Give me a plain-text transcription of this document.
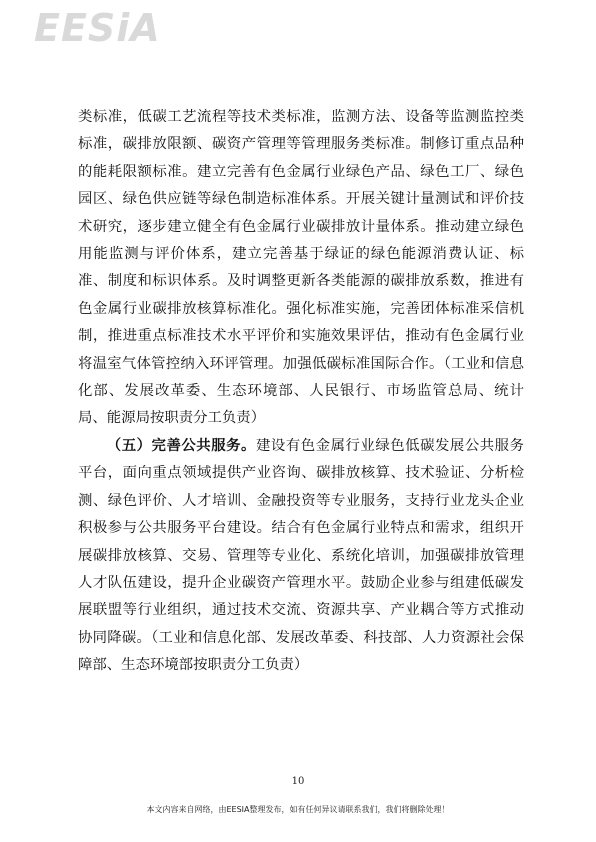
EESiA

类标准，低碳工艺流程等技术类标准，监测方法、设备等监测监控类标准，碳排放限额、碳资产管理等管理服务类标准。制修订重点品种的能耗限额标准。建立完善有色金属行业绿色产品、绿色工厂、绿色园区、绿色供应链等绿色制造标准体系。开展关键计量测试和评价技术研究，逐步建立健全有色金属行业碳排放计量体系。推动建立绿色用能监测与评价体系，建立完善基于绿证的绿色能源消费认证、标准、制度和标识体系。及时调整更新各类能源的碳排放系数，推进有色金属行业碳排放核算标准化。强化标准实施，完善团体标准采信机制，推进重点标准技术水平评价和实施效果评估，推动有色金属行业将温室气体管控纳入环评管理。加强低碳标准国际合作。（工业和信息化部、发展改革委、生态环境部、人民银行、市场监管总局、统计局、能源局按职责分工负责）

（五）完善公共服务。建设有色金属行业绿色低碳发展公共服务平台，面向重点领域提供产业咨询、碳排放核算、技术验证、分析检测、绿色评价、人才培训、金融投资等专业服务，支持行业龙头企业积极参与公共服务平台建设。结合有色金属行业特点和需求，组织开展碳排放核算、交易、管理等专业化、系统化培训，加强碳排放管理人才队伍建设，提升企业碳资产管理水平。鼓励企业参与组建低碳发展联盟等行业组织，通过技术交流、资源共享、产业耦合等方式推动协同降碳。（工业和信息化部、发展改革委、科技部、人力资源社会保障部、生态环境部按职责分工负责）

10
本文内容来自网络，由EESIA整理发布，如有任何异议请联系我们，我们将删除处理！
